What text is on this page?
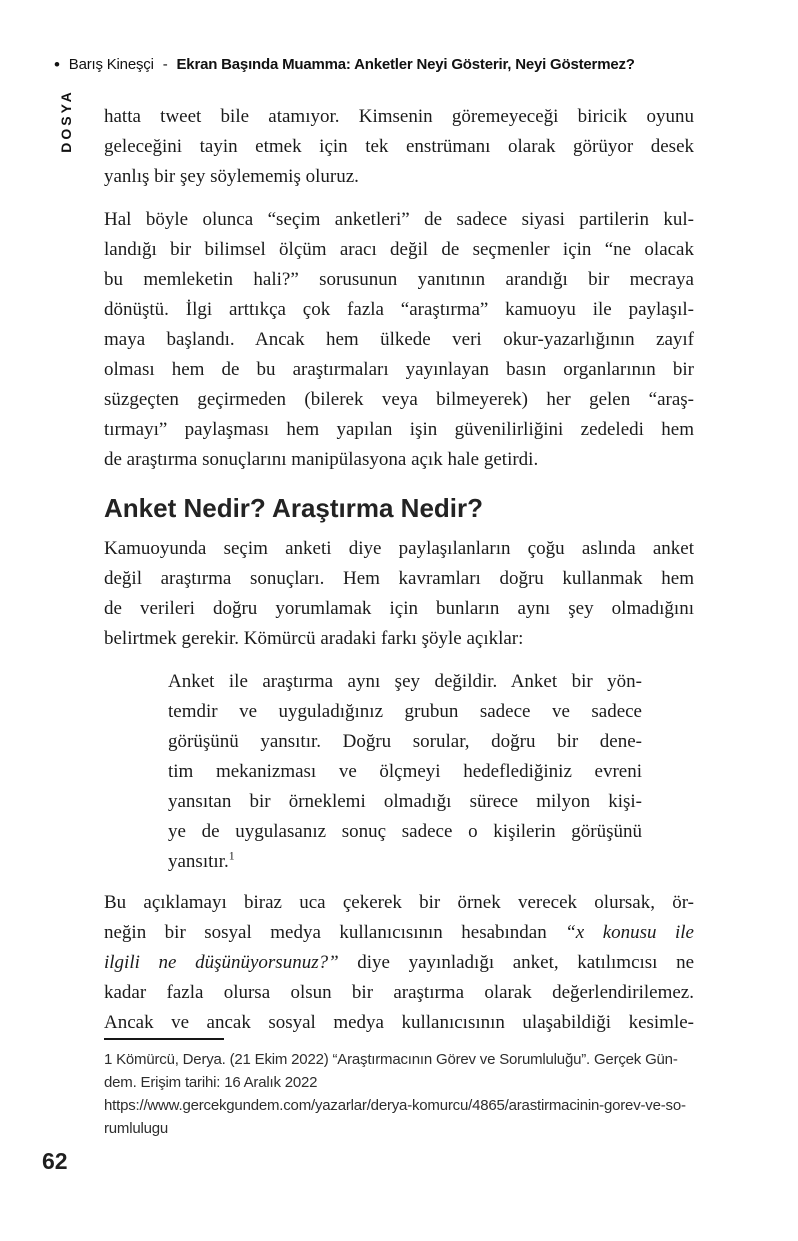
• Barış Kineşçi - Ekran Başında Muamma: Anketler Neyi Gösterir, Neyi Göstermez?
DOSYA hatta tweet bile atamıyor. Kimsenin göremeyeceği biricik oyunu
geleceğini tayin etmek için tek enstrümanı olarak görüyor desek
yanlış bir şey söylememiş oluruz.
Hal böyle olunca “seçim anketleri” de sadece siyasi partilerin kul-
landığı bir bilimsel ölçüm aracı değil de seçmenler için “ne olacak
bu memleketin hali?” sorusunun yanıtının arandığı bir mecraya
dönüştü. İlgi arttıkça çok fazla “araştırma” kamuoyu ile paylaşıl-
maya başlandı. Ancak hem ülkede veri okur-yazarlığının zayıf
olması hem de bu araştırmaları yayınlayan basın organlarının bir
süzgeçten geçirmeden (bilerek veya bilmeyerek) her gelen “araş-
tırmayı” paylaşması hem yapılan işin güvenilirliğini zedeledi hem
de araştırma sonuçlarını manipülasyona açık hale getirdi.
Anket Nedir? Araştırma Nedir?
Kamuoyunda seçim anketi diye paylaşılanların çoğu aslında anket
değil araştırma sonuçları. Hem kavramları doğru kullanmak hem
de verileri doğru yorumlamak için bunların aynı şey olmadığını
belirtmek gerekir. Kömürcü aradaki farkı şöyle açıklar:
Anket ile araştırma aynı şey değildir. Anket bir yön-
temdir ve uyguladığınız grubun sadece ve sadece
görüşünü yansıtır. Doğru sorular, doğru bir dene-
tim mekanizması ve ölçmeyi hedeflediğiniz evreni
yansıtan bir örneklemi olmadığı sürece milyon kişi-
ye de uygulasanız sonuç sadece o kişilerin görüşünü
yansıtır.$^1$
Bu açıklamayı biraz uca çekerek bir örnek verecek olursak, ör-
neğin bir sosyal medya kullanıcısının hesabından “x konusu ile
ilgili ne düşünüyorsunuz?” diye yayınladığı anket, katılımcısı ne
kadar fazla olursa olsun bir araştırma olarak değerlendirilemez.
Ancak ve ancak sosyal medya kullanıcısının ulaşabildiği kesimle-
1 Kömürcü, Derya. (21 Ekim 2022) “Araştırmacının Görev ve Sorumluluğu”. Gerçek Gün-
dem. Erişim tarihi: 16 Aralık 2022
https://www.gercekgundem.com/yazarlar/derya-komurcu/4865/arastirmacinin-gorev-ve-so-
rumlulugu
62
